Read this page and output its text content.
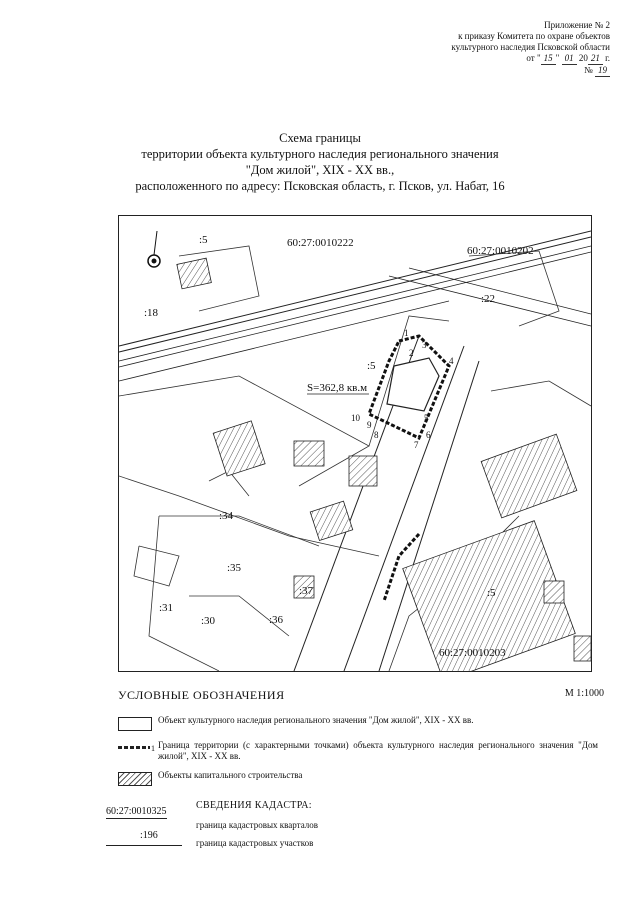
Приложение № 2
к приказу Комитета по охране объектов
культурного наследия Псковской области
от " 15 " 01 20 21 г.
№ 19
Схема границы
территории объекта культурного наследия регионального значения
"Дом жилой", XIX - XX вв.,
расположенного по адресу: Псковская область, г. Псков, ул. Набат, 16
1
2
3
4
5
6
7
8
9
10
S=362,8 кв.м
60:27:0010222
60:27:0010202
60:27:0010203
:5
:18
:22
:5
:34
:35
:37
:31
:30	:36
:5
УСЛОВНЫЕ ОБОЗНАЧЕНИЯ	М 1:1000
Объект культурного наследия регионального значения "Дом жилой", XIX - XX вв.
1 Граница территории (с характерными точками) объекта культурного наследия регионального значения "Дом жилой", XIX - XX вв.
Объекты капитального строительства
СВЕДЕНИЯ КАДАСТРА:
60:27:0010325
граница кадастровых кварталов
:196
граница кадастровых участков
